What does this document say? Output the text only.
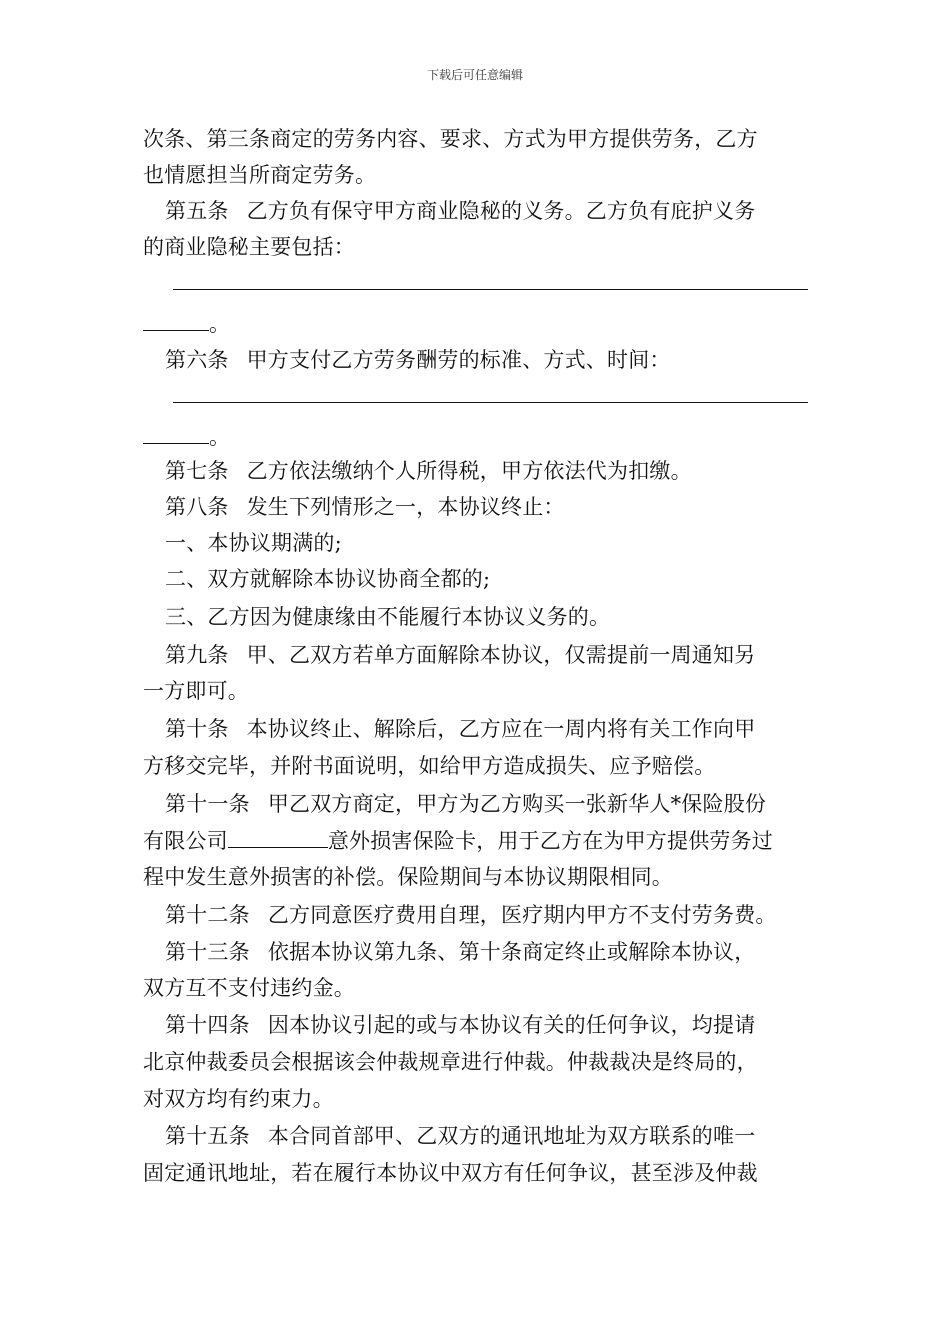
下载后可任意编辑
次条、第三条商定的劳务内容、要求、方式为甲方提供劳务，乙方
也情愿担当所商定劳务。
第五条 乙方负有保守甲方商业隐秘的义务。乙方负有庇护义务
的商业隐秘主要包括：
。
第六条 甲方支付乙方劳务酬劳的标准、方式、时间：
。
第七条 乙方依法缴纳个人所得税，甲方依法代为扣缴。
第八条 发生下列情形之一，本协议终止：
一、本协议期满的;
二、双方就解除本协议协商全都的;
三、乙方因为健康缘由不能履行本协议义务的。
第九条 甲、乙双方若单方面解除本协议，仅需提前一周通知另
一方即可。
第十条 本协议终止、解除后，乙方应在一周内将有关工作向甲
方移交完毕，并附书面说明，如给甲方造成损失、应予赔偿。
第十一条 甲乙双方商定，甲方为乙方购买一张新华人*保险股份
有限公司	意外损害保险卡，用于乙方在为甲方提供劳务过
程中发生意外损害的补偿。保险期间与本协议期限相同。
第十二条 乙方同意医疗费用自理，医疗期内甲方不支付劳务费。
第十三条 依据本协议第九条、第十条商定终止或解除本协议，
双方互不支付违约金。
第十四条 因本协议引起的或与本协议有关的任何争议，均提请
北京仲裁委员会根据该会仲裁规章进行仲裁。仲裁裁决是终局的，
对双方均有约束力。
第十五条 本合同首部甲、乙双方的通讯地址为双方联系的唯一
固定通讯地址，若在履行本协议中双方有任何争议，甚至涉及仲裁
